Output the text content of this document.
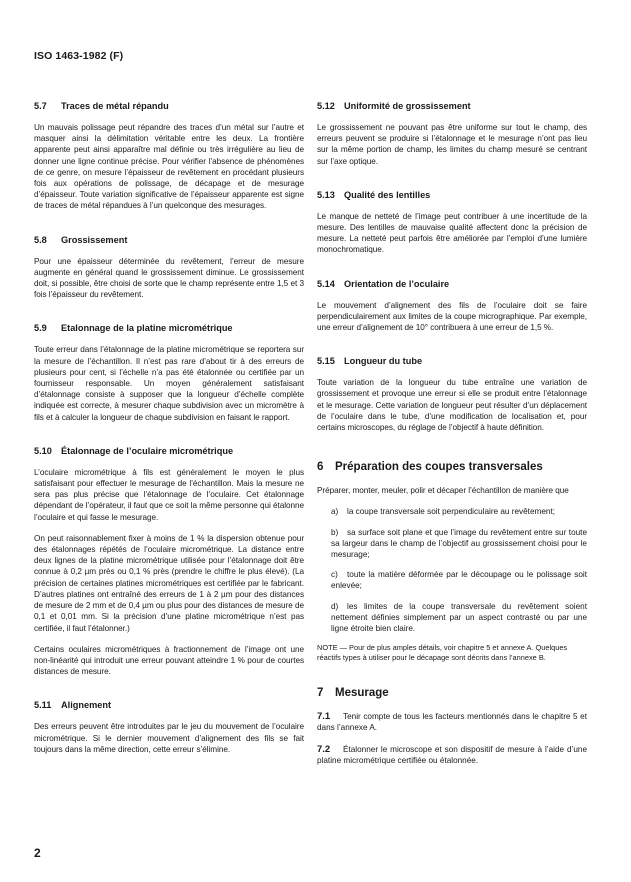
ISO 1463-1982 (F)
5.7 Traces de métal répandu

Un mauvais polissage peut répandre des traces d’un métal sur l’autre et masquer ainsi la délimitation véritable entre les deux. La frontière apparente peut ainsi apparaître mal définie ou très irrégulière au lieu de donner une ligne continue précise. Pour vérifier l’absence de phénomènes de ce genre, on mesure l’épaisseur de revêtement en procédant plusieurs fois aux opérations de polissage, de décapage et de mesurage d’épaisseur. Toute variation significative de l’épaisseur apparente est signe de traces de métal répandues à l’un quelconque des mesurages.

5.8 Grossissement

Pour une épaisseur déterminée du revêtement, l’erreur de mesure augmente en général quand le grossissement diminue. Le grossissement doit, si possible, être choisi de sorte que le champ représente entre 1,5 et 3 fois l’épaisseur du revêtement.

5.9 Etalonnage de la platine micrométrique

Toute erreur dans l’étalonnage de la platine micrométrique se reportera sur la mesure de l’échantillon. Il n’est pas rare d’about tir à des erreurs de plusieurs pour cent, si l’échelle n’a pas été étalonnée ou certifiée par un fournisseur responsable. Un moyen généralement satisfaisant d’étalonnage consiste à supposer que la longueur d’échelle complète indiquée est correcte, à mesurer chaque subdivision avec un micromètre à fils et à calculer la longueur de chaque subdivision en faisant le rapport.

5.10 Étalonnage de l’oculaire micrométrique

L’oculaire micrométrique à fils est généralement le moyen le plus satisfaisant pour effectuer le mesurage de l’échantillon. Mais la mesure ne sera pas plus précise que l’étalonnage de l’oculaire. Cet étalonnage dépendant de l’opérateur, il faut que ce soit la même personne qui étalonne l’oculaire et qui fasse le mesurage.

On peut raisonnablement fixer à moins de 1 % la dispersion obtenue pour des étalonnages répétés de l’oculaire micrométrique. La distance entre deux lignes de la platine micrométrique utilisée pour l’étalonnage doit être connue à 0,2 µm près ou 0,1 % près (prendre le chiffre le plus élevé). (La précision de certaines platines micrométriques est certifiée par le fabricant. D’autres platines ont entraîné des erreurs de 1 à 2 µm pour des distances de mesure de 2 mm et de 0,4 µm ou plus pour des distances de mesure de 0,1 et 0,01 mm. Si la précision d’une platine micrométrique n’est pas certifiée, il faut l’étalonner.)

Certains oculaires micrométriques à fractionnement de l’image ont une non-linéarité qui introduit une erreur pouvant atteindre 1 % pour de courtes distances de mesure.

5.11 Alignement

Des erreurs peuvent être introduites par le jeu du mouvement de l’oculaire micrométrique. Si le dernier mouvement d’alignement des fils se fait toujours dans la même direction, cette erreur s’élimine.

5.12 Uniformité de grossissement

Le grossissement ne pouvant pas être uniforme sur tout le champ, des erreurs peuvent se produire si l’étalonnage et le mesurage n’ont pas lieu sur la même portion de champ, les limites du champ mesuré se centrant sur l’axe optique.

5.13 Qualité des lentilles

Le manque de netteté de l’image peut contribuer à une incertitude de la mesure. Des lentilles de mauvaise qualité affectent donc la précision de mesure. La netteté peut parfois être améliorée par l’emploi d’une lumière monochromatique.

5.14 Orientation de l’oculaire

Le mouvement d’alignement des fils de l’oculaire doit se faire perpendiculairement aux limites de la coupe micrographique. Par exemple, une erreur d’alignement de 10° contribuera à une erreur de 1,5 %.

5.15 Longueur du tube

Toute variation de la longueur du tube entraîne une variation de grossissement et provoque une erreur si elle se produit entre l’étalonnage et le mesurage. Cette variation de longueur peut résulter d’un déplacement de l’oculaire dans le tube, d’une modification de localisation et, pour certains microscopes, du réglage de l’objectif à haute définition.

6 Préparation des coupes transversales

Préparer, monter, meuler, polir et décaper l’échantillon de manière que

a) la coupe transversale soit perpendiculaire au revêtement;
b) sa surface soit plane et que l’image du revêtement entre sur toute sa largeur dans le champ de l’objectif au grossissement choisi pour le mesurage;
c) toute la matière déformée par le découpage ou le polissage soit enlevée;
d) les limites de la coupe transversale du revêtement soient nettement définies simplement par un aspect contrasté ou par une ligne étroite bien claire.

NOTE — Pour de plus amples détails, voir chapitre 5 et annexe A. Quelques réactifs types à utiliser pour le décapage sont décrits dans l’annexe B.

7 Mesurage

7.1 Tenir compte de tous les facteurs mentionnés dans le chapitre 5 et dans l’annexe A.

7.2 Étalonner le microscope et son dispositif de mesure à l’aide d’une platine micrométrique certifiée ou étalonnée.

2
